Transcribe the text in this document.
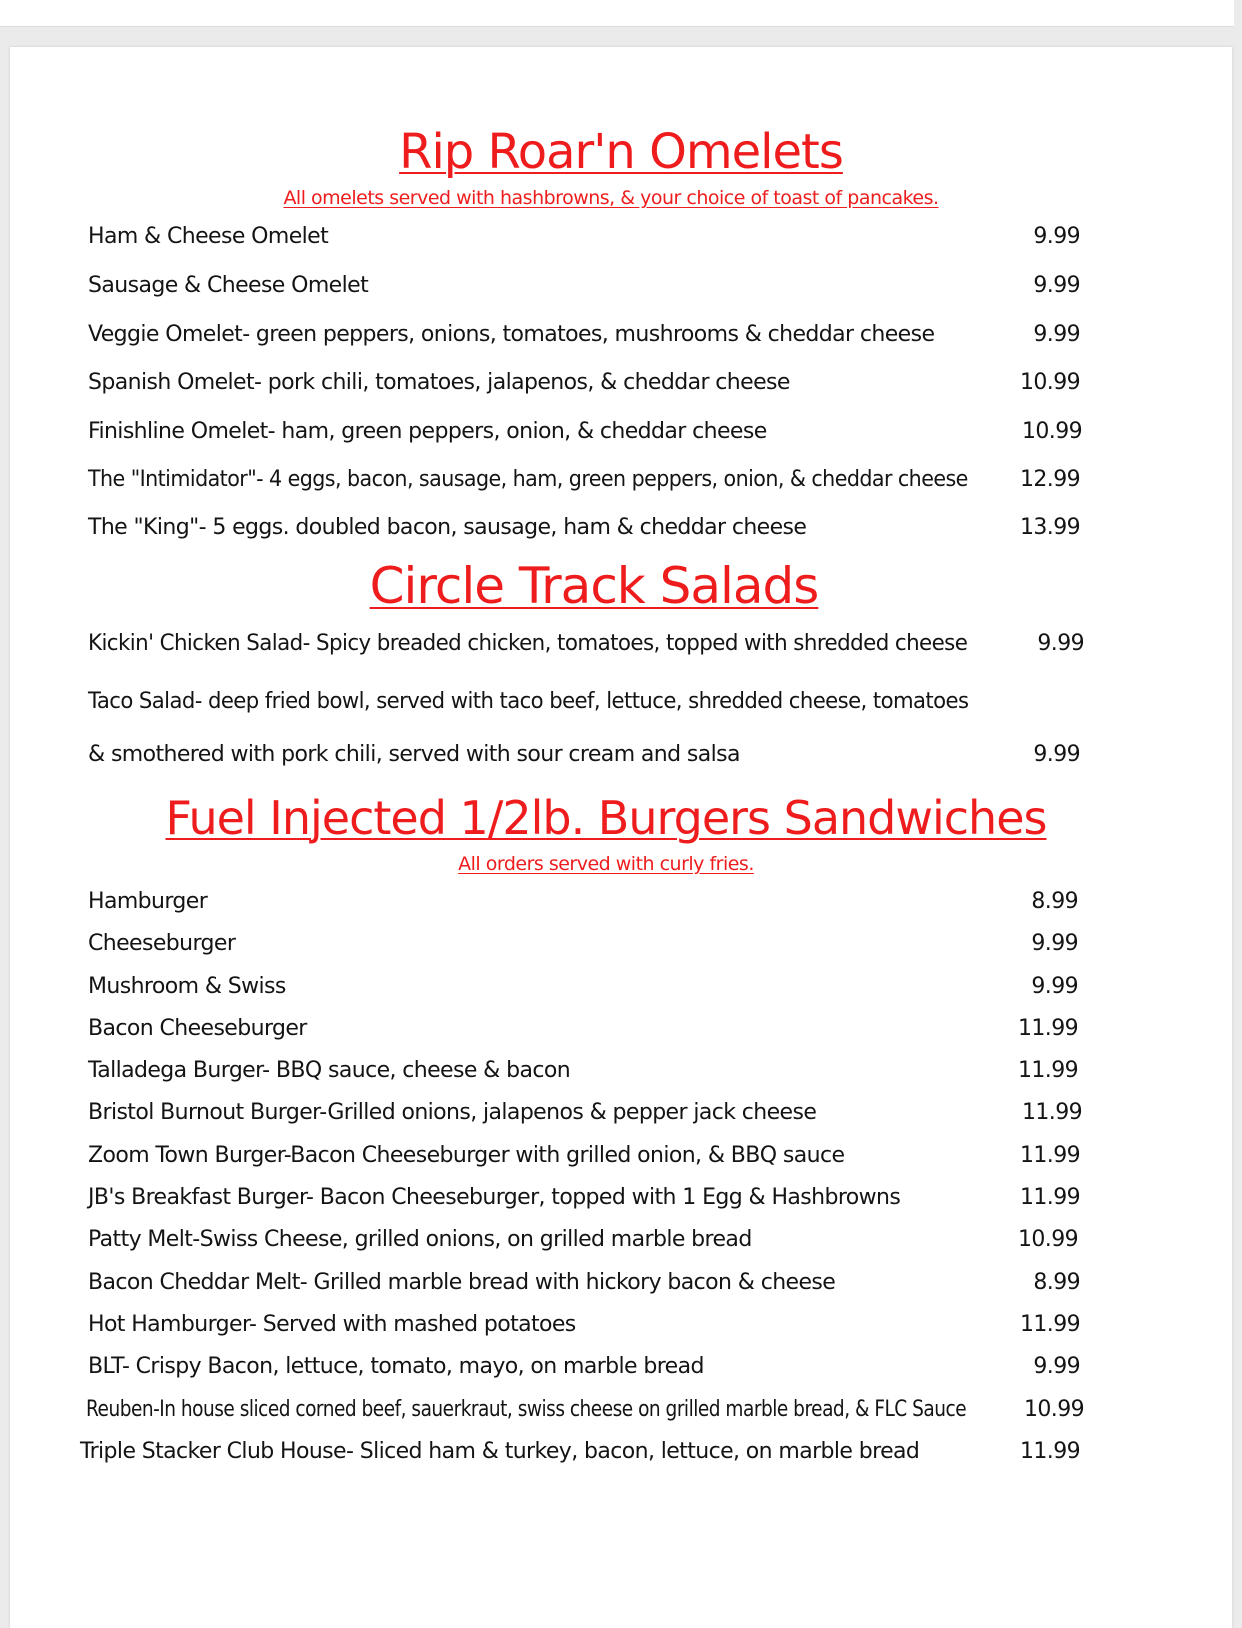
Rip Roar'n Omelets
All omelets served with hashbrowns, & your choice of toast of pancakes.
Ham & Cheese Omelet	9.99
Sausage & Cheese Omelet	9.99
Veggie Omelet- green peppers, onions, tomatoes, mushrooms & cheddar cheese	9.99
Spanish Omelet- pork chili, tomatoes, jalapenos, & cheddar cheese	10.99
Finishline Omelet- ham, green peppers, onion, & cheddar cheese	10.99
The "Intimidator"- 4 eggs, bacon, sausage, ham, green peppers, onion, & cheddar cheese	12.99
The "King"- 5 eggs. doubled bacon, sausage, ham & cheddar cheese	13.99
Circle Track Salads
Kickin' Chicken Salad- Spicy breaded chicken, tomatoes, topped with shredded cheese	9.99
Taco Salad- deep fried bowl, served with taco beef, lettuce, shredded cheese, tomatoes
& smothered with pork chili, served with sour cream and salsa	9.99
Fuel Injected 1/2lb. Burgers Sandwiches
All orders served with curly fries.
Hamburger	8.99
Cheeseburger	9.99
Mushroom & Swiss	9.99
Bacon Cheeseburger	11.99
Talladega Burger- BBQ sauce, cheese & bacon	11.99
Bristol Burnout Burger-Grilled onions, jalapenos & pepper jack cheese	11.99
Zoom Town Burger-Bacon Cheeseburger with grilled onion, & BBQ sauce	11.99
JB's Breakfast Burger- Bacon Cheeseburger, topped with 1 Egg & Hashbrowns	11.99
Patty Melt-Swiss Cheese, grilled onions, on grilled marble bread	10.99
Bacon Cheddar Melt- Grilled marble bread with hickory bacon & cheese	8.99
Hot Hamburger- Served with mashed potatoes	11.99
BLT- Crispy Bacon, lettuce, tomato, mayo, on marble bread	9.99
Reuben-In house sliced corned beef, sauerkraut, swiss cheese on grilled marble bread, & FLC Sauce	10.99
Triple Stacker Club House- Sliced ham & turkey, bacon, lettuce, on marble bread	11.99
